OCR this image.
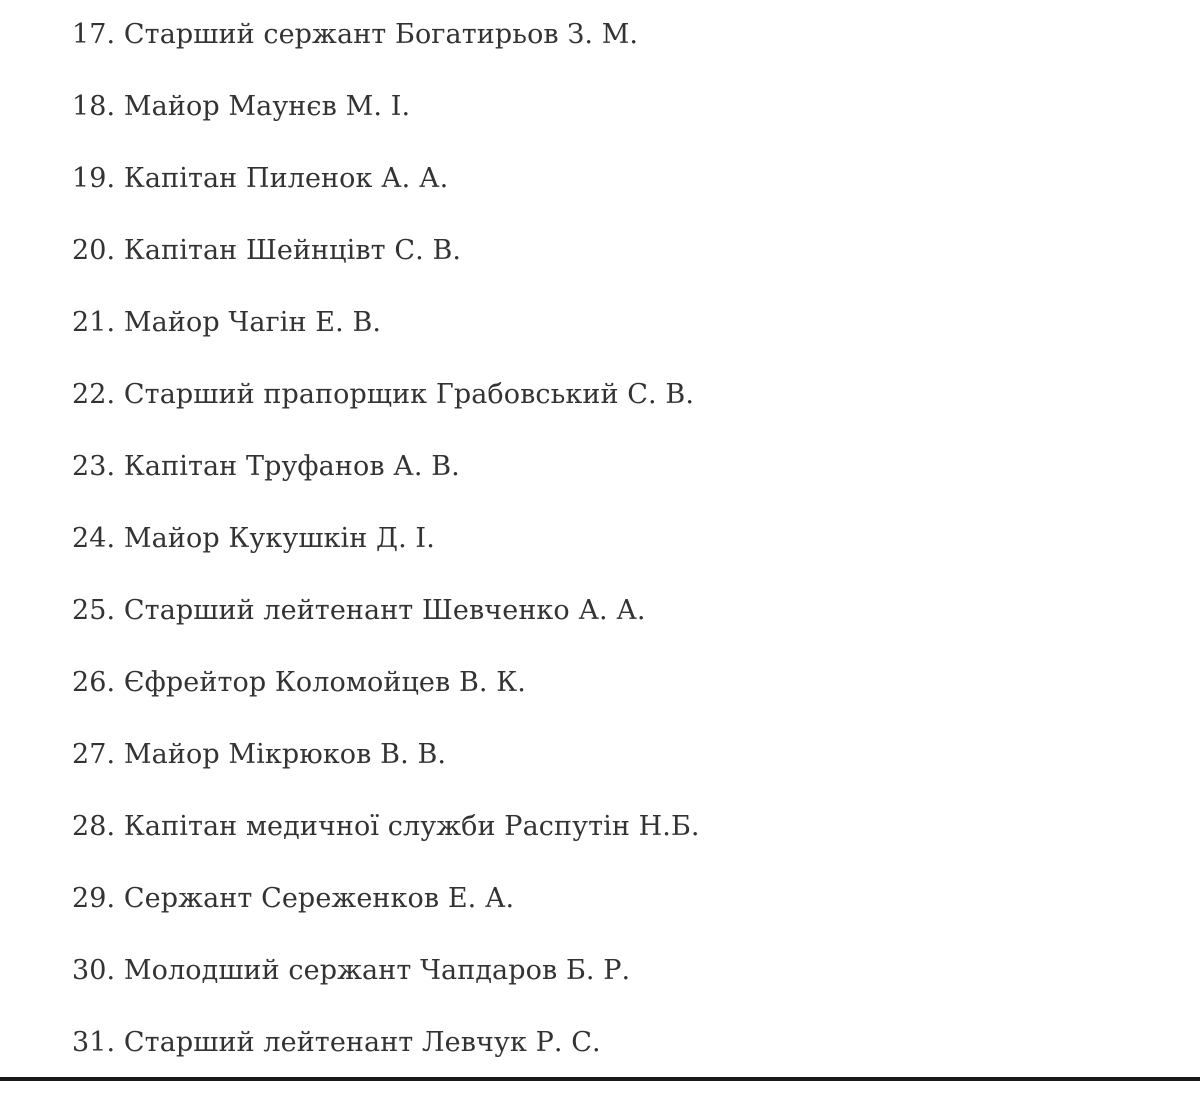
17. Старший сержант Богатирьов З. М.
18. Майор Маунєв М. І.
19. Капітан Пиленок А. А.
20. Капітан Шейнцівт С. В.
21. Майор Чагін Е. В.
22. Старший прапорщик Грабовський С. В.
23. Капітан Труфанов А. В.
24. Майор Кукушкін Д. І.
25. Старший лейтенант Шевченко А. А.
26. Єфрейтор Коломойцев В. К.
27. Майор Мікрюков В. В.
28. Капітан медичної служби Распутін Н.Б.
29. Сержант Сереженков Е. А.
30. Молодший сержант Чапдаров Б. Р.
31. Старший лейтенант Левчук Р. С.
